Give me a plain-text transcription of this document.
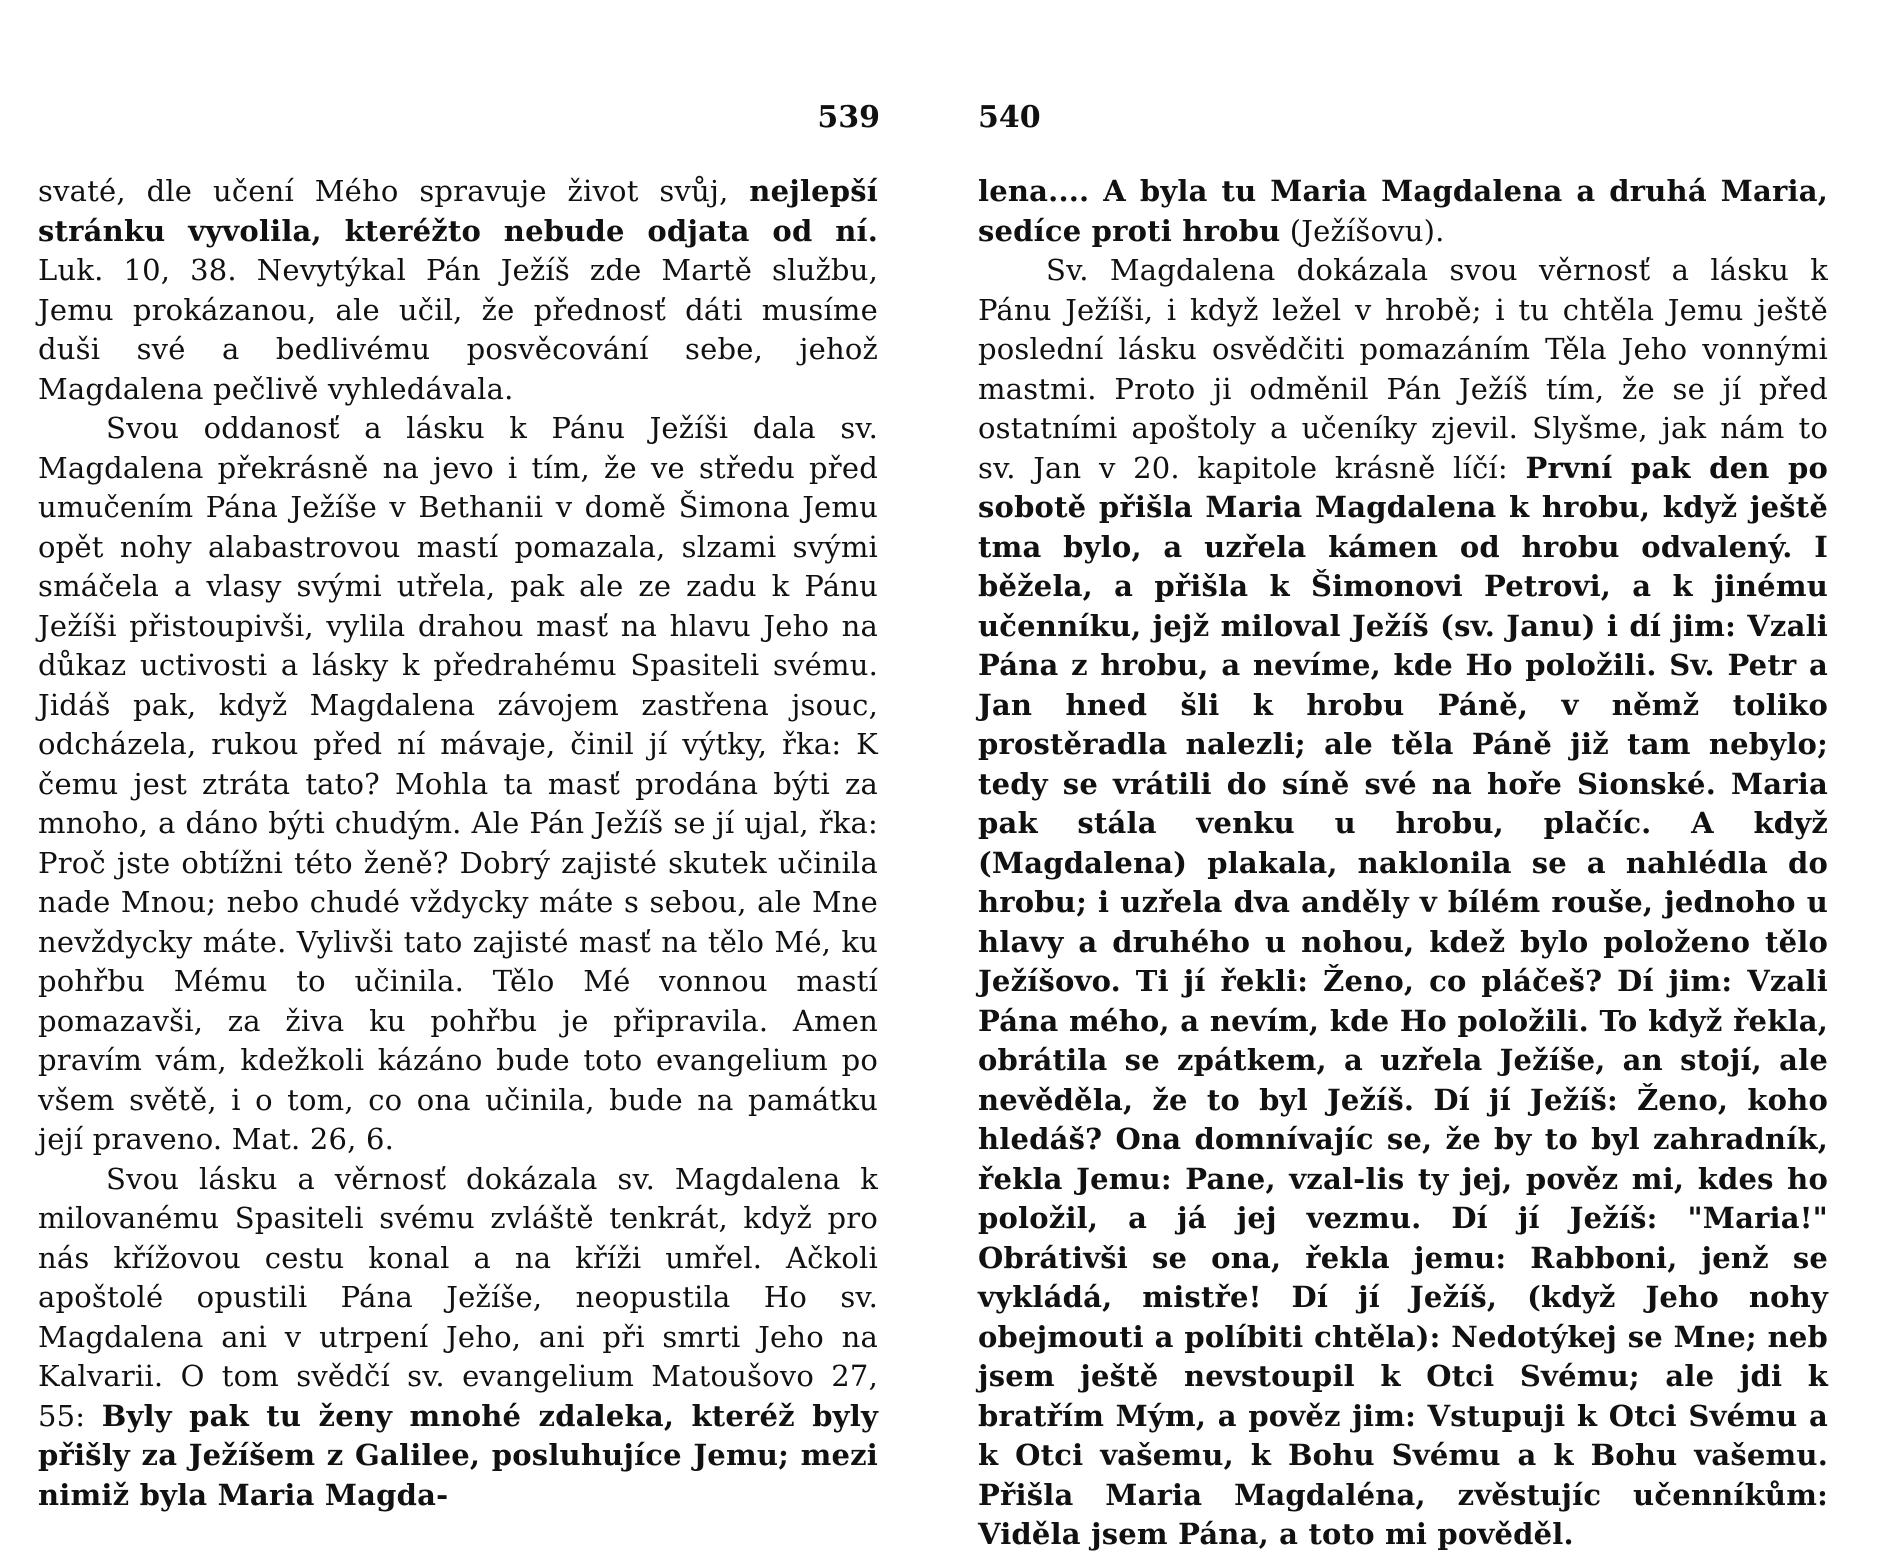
539

svaté, dle učení Mého spravuje život svůj, nejlepší stránku vyvolila, kteréžto nebude odjata od ní. Luk. 10, 38. Nevytýkal Pán Ježíš zde Martě službu, Jemu prokázanou, ale učil, že přednosť dáti musíme duši své a bedlivému posvěcování sebe, jehož Magdalena pečlivě vyhledávala.

Svou oddanosť a lásku k Pánu Ježíši dala sv. Magdalena překrásně na jevo i tím, že ve středu před umučením Pána Ježíše v Bethanii v domě Šimona Jemu opět nohy alabastrovou mastí pomazala, slzami svými smáčela a vlasy svými utřela, pak ale ze zadu k Pánu Ježíši přistoupivši, vylila drahou masť na hlavu Jeho na důkaz uctivosti a lásky k předrahému Spasiteli svému. Jidáš pak, když Magdalena závojem zastřena jsouc, odcházela, rukou před ní mávaje, činil jí výtky, řka: K čemu jest ztráta tato? Mohla ta masť prodána býti za mnoho, a dáno býti chudým. Ale Pán Ježíš se jí ujal, řka: Proč jste obtížni této ženě? Dobrý zajisté skutek učinila nade Mnou; nebo chudé vždycky máte s sebou, ale Mne nevždycky máte. Vylivši tato zajisté masť na tělo Mé, ku pohřbu Mému to učinila. Tělo Mé vonnou mastí pomazavši, za živa ku pohřbu je připravila. Amen pravím vám, kdežkoli kázáno bude toto evangelium po všem světě, i o tom, co ona učinila, bude na památku její praveno. Mat. 26, 6.

Svou lásku a věrnosť dokázala sv. Magdalena k milovanému Spasiteli svému zvláště tenkrát, když pro nás křížovou cestu konal a na kříži umřel. Ačkoli apoštolé opustili Pána Ježíše, neopustila Ho sv. Magdalena ani v utrpení Jeho, ani při smrti Jeho na Kalvarii. O tom svědčí sv. evangelium Matoušovo 27, 55: Byly pak tu ženy mnohé zdaleka, kteréž byly přišly za Ježíšem z Galilee, posluhujíce Jemu; mezi nimiž byla Maria Magda-

540

lena.... A byla tu Maria Magdalena a druhá Maria, sedíce proti hrobu (Ježíšovu).

Sv. Magdalena dokázala svou věrnosť a lásku k Pánu Ježíši, i když ležel v hrobě; i tu chtěla Jemu ještě poslední lásku osvědčiti pomazáním Těla Jeho vonnými mastmi. Proto ji odměnil Pán Ježíš tím, že se jí před ostatními apoštoly a učeníky zjevil. Slyšme, jak nám to sv. Jan v 20. kapitole krásně líčí: První pak den po sobotě přišla Maria Magdalena k hrobu, když ještě tma bylo, a uzřela kámen od hrobu odvalený. I běžela, a přišla k Šimonovi Petrovi, a k jinému učenníku, jejž miloval Ježíš (sv. Janu) i dí jim: Vzali Pána z hrobu, a nevíme, kde Ho položili. Sv. Petr a Jan hned šli k hrobu Páně, v němž toliko prostěradla nalezli; ale těla Páně již tam nebylo; tedy se vrátili do síně své na hoře Sionské. Maria pak stála venku u hrobu, plačíc. A když (Magdalena) plakala, naklonila se a nahlédla do hrobu; i uzřela dva anděly v bílém rouše, jednoho u hlavy a druhého u nohou, kdež bylo položeno tělo Ježíšovo. Ti jí řekli: Ženo, co pláčeš? Dí jim: Vzali Pána mého, a nevím, kde Ho položili. To když řekla, obrátila se zpátkem, a uzřela Ježíše, an stojí, ale nevěděla, že to byl Ježíš. Dí jí Ježíš: Ženo, koho hledáš? Ona domnívajíc se, že by to byl zahradník, řekla Jemu: Pane, vzal-lis ty jej, pověz mi, kdes ho položil, a já jej vezmu. Dí jí Ježíš: "Maria!" Obrátivši se ona, řekla jemu: Rabboni, jenž se vykládá, mistře! Dí jí Ježíš, (když Jeho nohy obejmouti a políbiti chtěla): Nedotýkej se Mne; neb jsem ještě nevstoupil k Otci Svému; ale jdi k bratřím Mým, a pověz jim: Vstupuji k Otci Svému a k Otci vašemu, k Bohu Svému a k Bohu vašemu. Přišla Maria Magdaléna, zvěstujíc učenníkům: Viděla jsem Pána, a toto mi pověděl.
